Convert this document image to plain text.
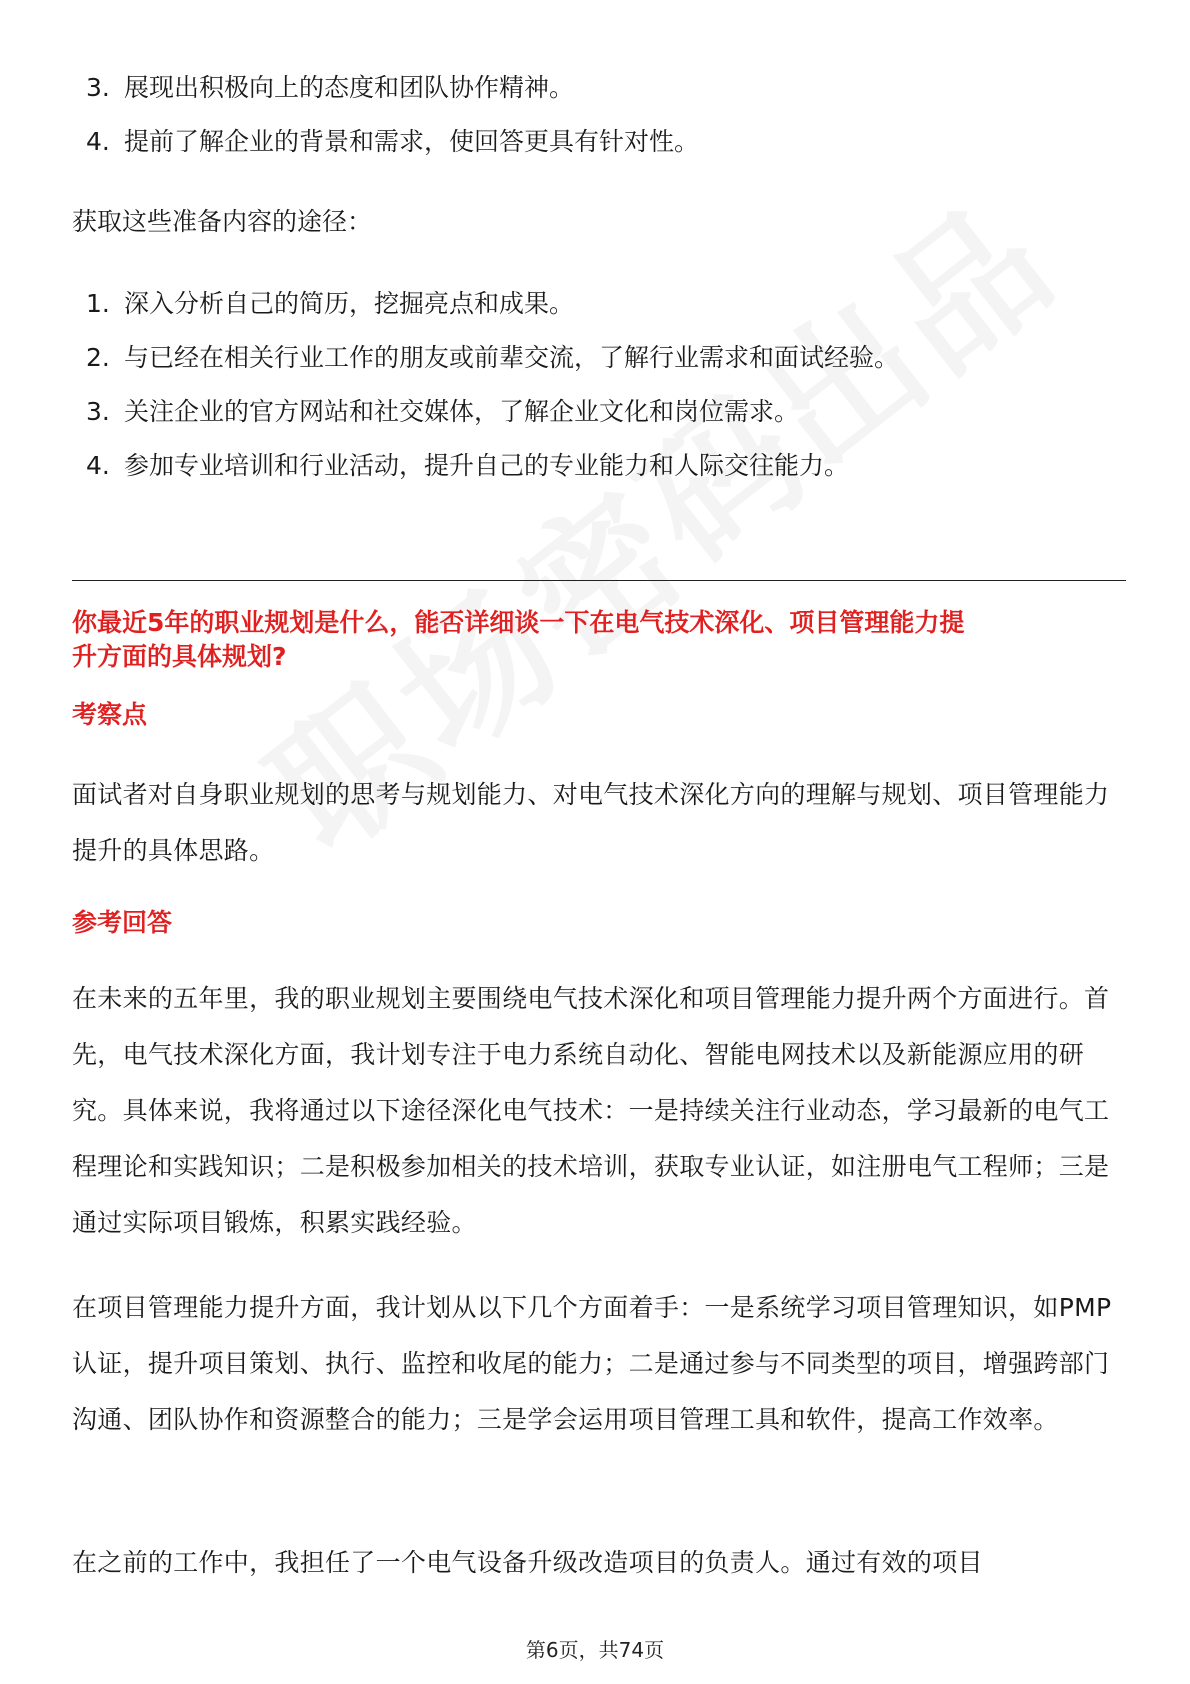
3. 展现出积极向上的态度和团队协作精神。
4. 提前了解企业的背景和需求，使回答更具有针对性。
获取这些准备内容的途径：
1. 深入分析自己的简历，挖掘亮点和成果。
2. 与已经在相关行业工作的朋友或前辈交流，了解行业需求和面试经验。
3. 关注企业的官方网站和社交媒体，了解企业文化和岗位需求。
4. 参加专业培训和行业活动，提升自己的专业能力和人际交往能力。
你最近5年的职业规划是什么，能否详细谈一下在电气技术深化、项目管理能力提
升方面的具体规划?
考察点
面试者对自身职业规划的思考与规划能力、对电气技术深化方向的理解与规划、项目管理能力提升的具体思路。
参考回答
在未来的五年里，我的职业规划主要围绕电气技术深化和项目管理能力提升两个方面进行。首先，电气技术深化方面，我计划专注于电力系统自动化、智能电网技术以及新能源应用的研究。具体来说，我将通过以下途径深化电气技术：一是持续关注行业动态，学习最新的电气工程理论和实践知识；二是积极参加相关的技术培训，获取专业认证，如注册电气工程师；三是通过实际项目锻炼，积累实践经验。
在项目管理能力提升方面，我计划从以下几个方面着手：一是系统学习项目管理知识，如PMP认证，提升项目策划、执行、监控和收尾的能力；二是通过参与不同类型的项目，增强跨部门沟通、团队协作和资源整合的能力；三是学会运用项目管理工具和软件，提高工作效率。
在之前的工作中，我担任了一个电气设备升级改造项目的负责人。通过有效的项目
第6页，共74页
